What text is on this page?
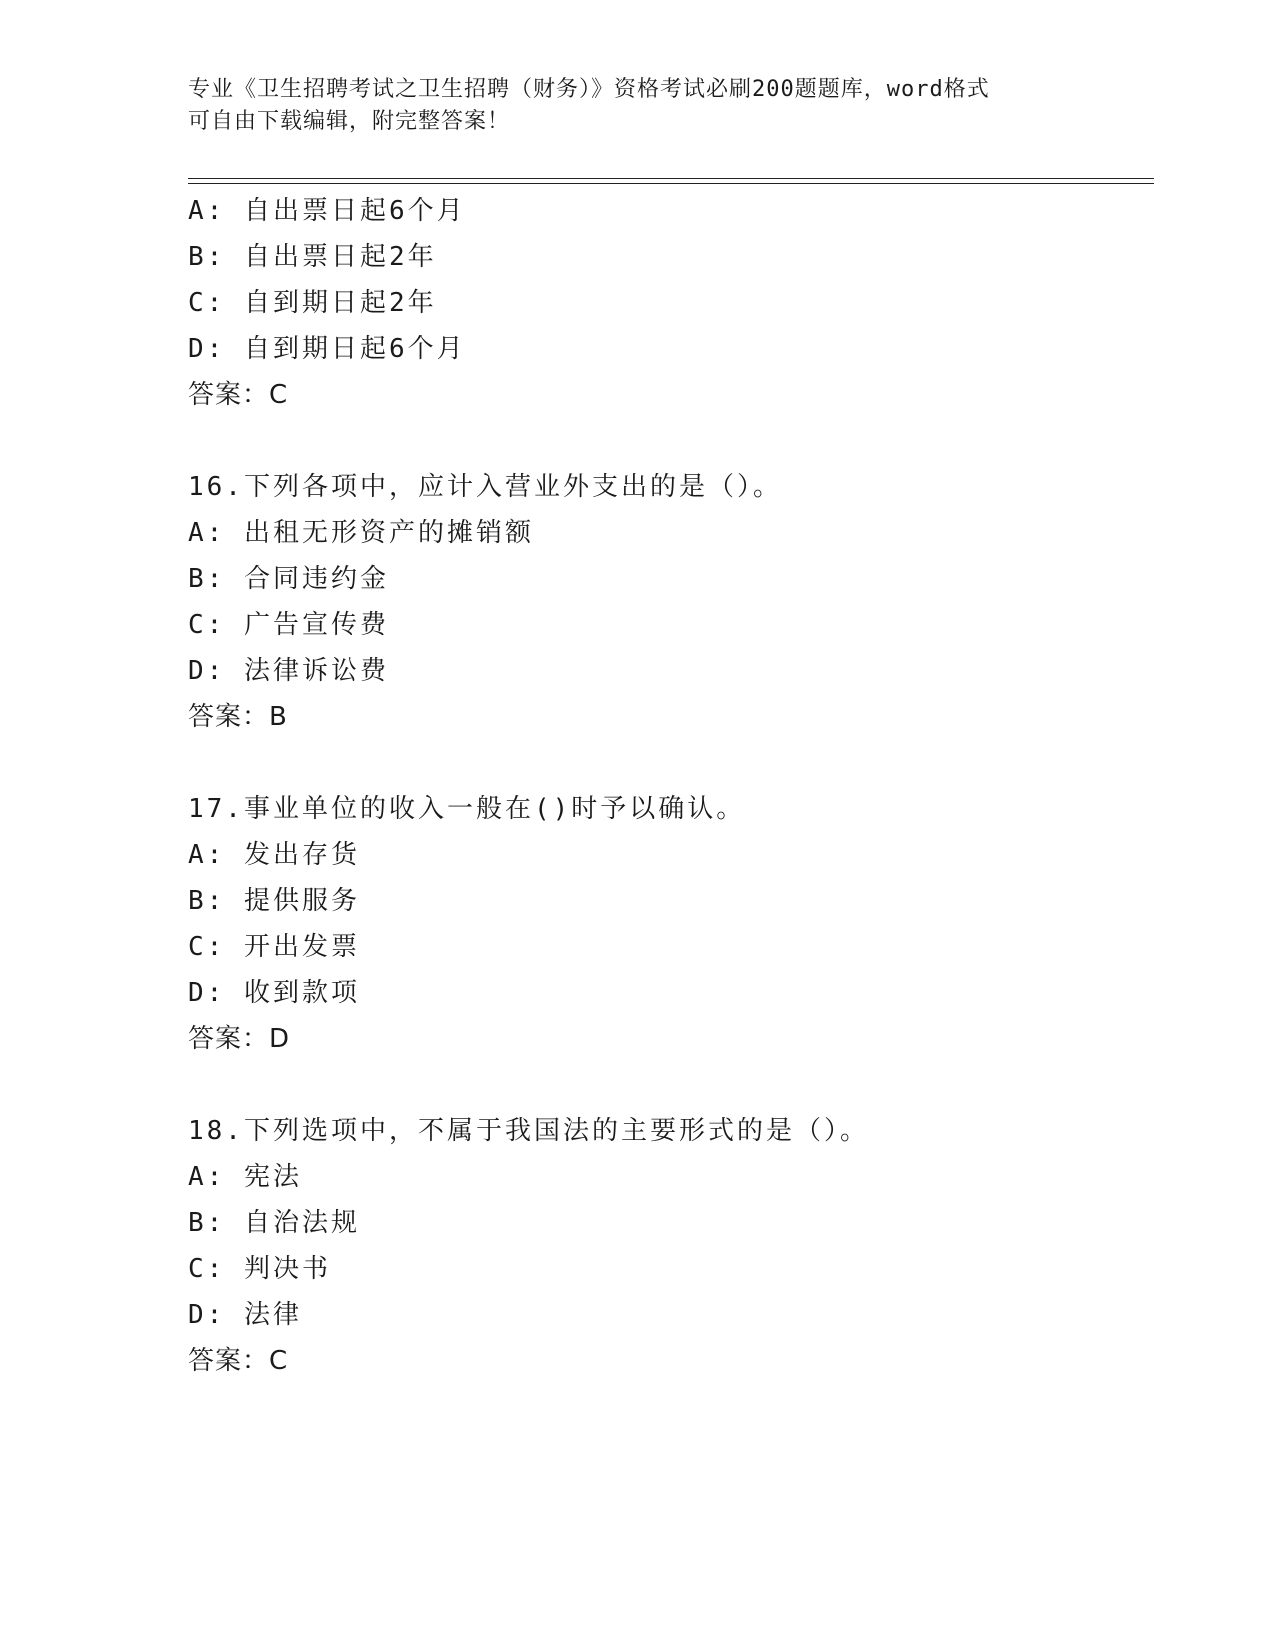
专业《卫生招聘考试之卫生招聘（财务）》资格考试必刷200题题库，word格式
可自由下载编辑，附完整答案！
A: 自出票日起6个月
B: 自出票日起2年
C: 自到期日起2年
D: 自到期日起6个月
答案：C
16.下列各项中，应计入营业外支出的是（）。
A: 出租无形资产的摊销额
B: 合同违约金
C: 广告宣传费
D: 法律诉讼费
答案：B
17.事业单位的收入一般在()时予以确认。
A: 发出存货
B: 提供服务
C: 开出发票
D: 收到款项
答案：D
18.下列选项中，不属于我国法的主要形式的是（）。
A: 宪法
B: 自治法规
C: 判决书
D: 法律
答案：C
